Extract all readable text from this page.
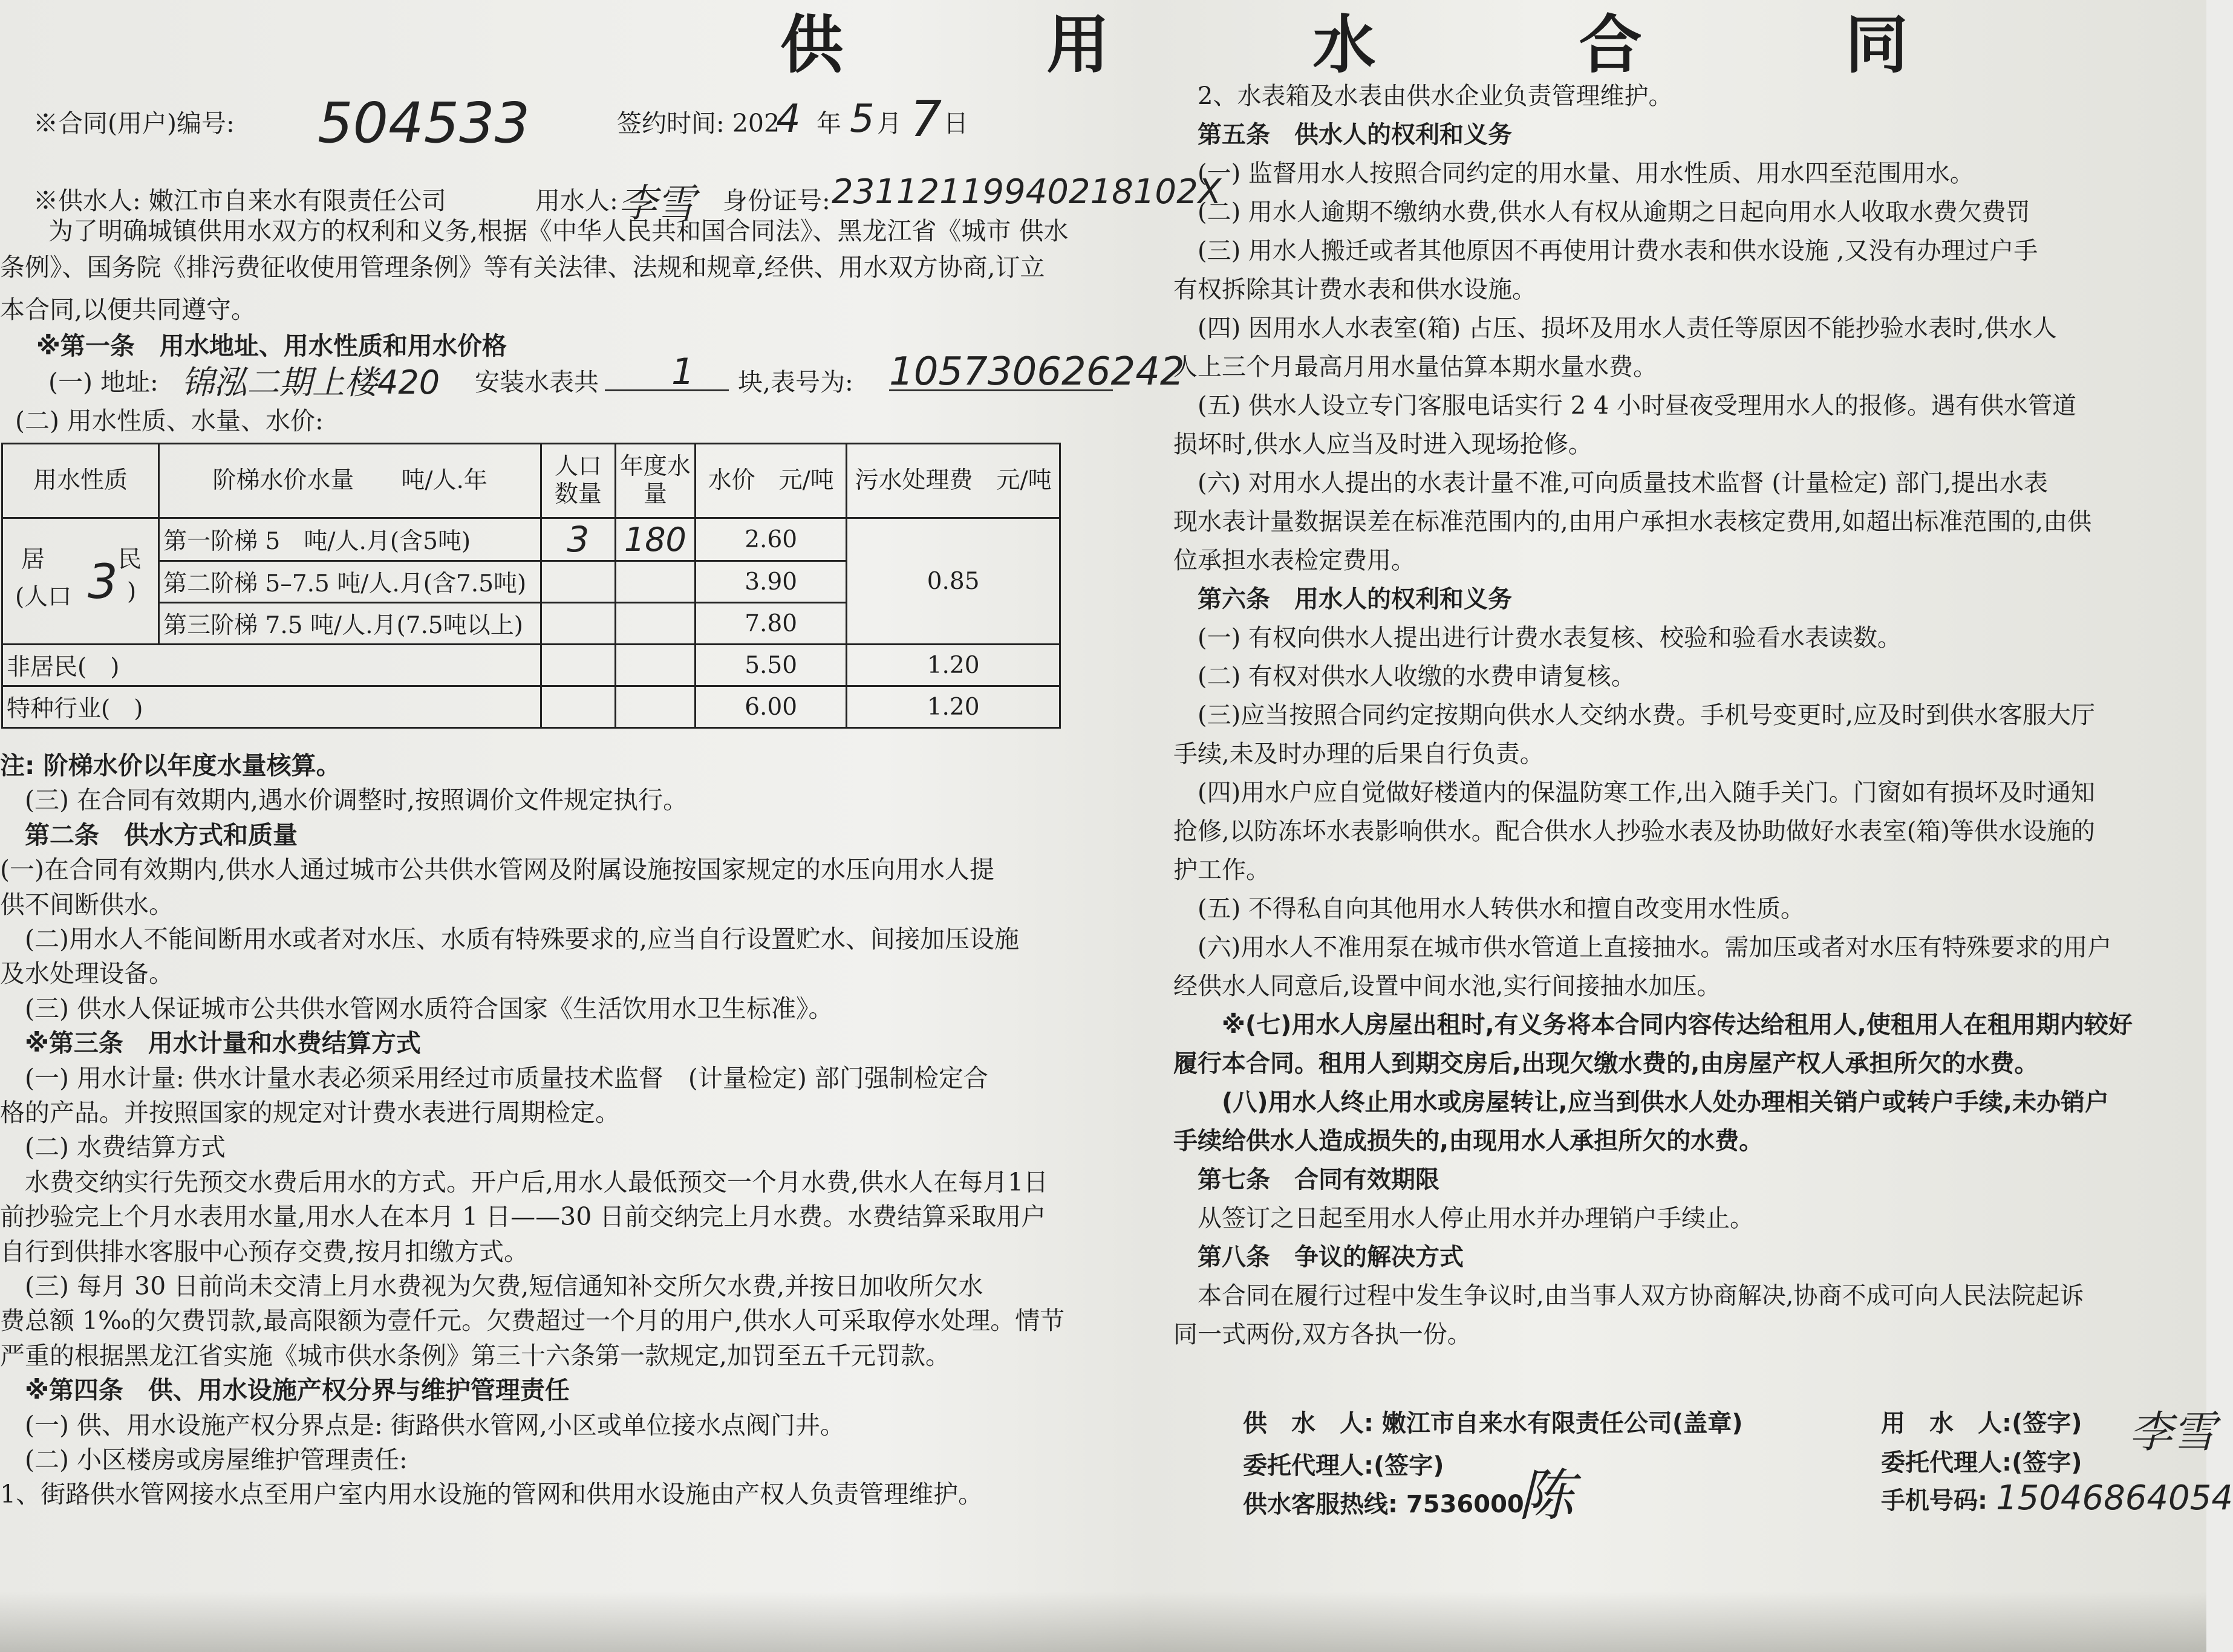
供 用 水 合 同
※合同(用户)编号: 504533	签约时间: 202
4 年 5 月 7 日
※供水人: 嫩江市自来水有限责任公司	用水人: 李雪 身份证号: 23112119940218102X
为了明确城镇供用水双方的权利和义务,根据《中华人民共和国合同法》、黑龙江省《城市 供水
条例》、国务院《排污费征收使用管理条例》等有关法律、法规和规章,经供、用水双方协商,订立
本合同,以便共同遵守。
※第一条　用水地址、用水性质和用水价格
(一) 地址: 锦泓二期上楼420 安装水表共 1 块,表号为: 105730626242
(二) 用水性质、水量、水价:
用水性质	阶梯水价水量　　吨/人.年	人口数量	年度水量	水价　元/吨	污水处理费　元/吨

居 民
(人口 3 )	第一阶梯 5　吨/人.月(含5吨)	3	180	2.60	0.85
	第二阶梯 5–7.5 吨/人.月(含7.5吨)			3.90	
	第三阶梯 7.5 吨/人.月(7.5吨以上)			7.80	
非居民(　)				5.50	1.20
特种行业(　)				6.00	1.20
注: 阶梯水价以年度水量核算。
　(三) 在合同有效期内,遇水价调整时,按照调价文件规定执行。
　第二条　供水方式和质量
(一)在合同有效期内,供水人通过城市公共供水管网及附属设施按国家规定的水压向用水人提
供不间断供水。
　(二)用水人不能间断用水或者对水压、水质有特殊要求的,应当自行设置贮水、间接加压设施
及水处理设备。
　(三) 供水人保证城市公共供水管网水质符合国家《生活饮用水卫生标准》。
　※第三条　用水计量和水费结算方式
　(一) 用水计量: 供水计量水表必须采用经过市质量技术监督　(计量检定) 部门强制检定合
格的产品。并按照国家的规定对计费水表进行周期检定。
　(二) 水费结算方式
　水费交纳实行先预交水费后用水的方式。开户后,用水人最低预交一个月水费,供水人在每月1日
前抄验完上个月水表用水量,用水人在本月 1 日——30 日前交纳完上月水费。水费结算采取用户
自行到供排水客服中心预存交费,按月扣缴方式。
　(三) 每月 30 日前尚未交清上月水费视为欠费,短信通知补交所欠水费,并按日加收所欠水
费总额 1‰的欠费罚款,最高限额为壹仟元。欠费超过一个月的用户,供水人可采取停水处理。情节
严重的根据黑龙江省实施《城市供水条例》第三十六条第一款规定,加罚至五千元罚款。
　※第四条　供、用水设施产权分界与维护管理责任
　(一) 供、用水设施产权分界点是: 街路供水管网,小区或单位接水点阀门井。
　(二) 小区楼房或房屋维护管理责任:
1、街路供水管网接水点至用户室内用水设施的管网和供用水设施由产权人负责管理维护。
　2、水表箱及水表由供水企业负责管理维护。
　第五条　供水人的权利和义务
　(一) 监督用水人按照合同约定的用水量、用水性质、用水四至范围用水。
　(二) 用水人逾期不缴纳水费,供水人有权从逾期之日起向用水人收取水费欠费罚
　(三) 用水人搬迁或者其他原因不再使用计费水表和供水设施 ,又没有办理过户手
有权拆除其计费水表和供水设施。
　(四) 因用水人水表室(箱) 占压、损坏及用水人责任等原因不能抄验水表时,供水人
人上三个月最高月用水量估算本期水量水费。
　(五) 供水人设立专门客服电话实行 2 4 小时昼夜受理用水人的报修。遇有供水管道
损坏时,供水人应当及时进入现场抢修。
　(六) 对用水人提出的水表计量不准,可向质量技术监督 (计量检定) 部门,提出水表
现水表计量数据误差在标准范围内的,由用户承担水表核定费用,如超出标准范围的,由供
位承担水表检定费用。
　第六条　用水人的权利和义务
　(一) 有权向供水人提出进行计费水表复核、校验和验看水表读数。
　(二) 有权对供水人收缴的水费申请复核。
　(三)应当按照合同约定按期向供水人交纳水费。手机号变更时,应及时到供水客服大厅
手续,未及时办理的后果自行负责。
　(四)用水户应自觉做好楼道内的保温防寒工作,出入随手关门。门窗如有损坏及时通知
抢修,以防冻坏水表影响供水。配合供水人抄验水表及协助做好水表室(箱)等供水设施的
护工作。
　(五) 不得私自向其他用水人转供水和擅自改变用水性质。
　(六)用水人不准用泵在城市供水管道上直接抽水。需加压或者对水压有特殊要求的用户
经供水人同意后,设置中间水池,实行间接抽水加压。
　　※(七)用水人房屋出租时,有义务将本合同内容传达给租用人,使租用人在租用期内较好
履行本合同。租用人到期交房后,出现欠缴水费的,由房屋产权人承担所欠的水费。
　　(八)用水人终止用水或房屋转让,应当到供水人处办理相关销户或转户手续,未办销户
手续给供水人造成损失的,由现用水人承担所欠的水费。
　第七条　合同有效期限
　从签订之日起至用水人停止用水并办理销户手续止。
　第八条　争议的解决方式
　本合同在履行过程中发生争议时,由当事人双方协商解决,协商不成可向人民法院起诉
同一式两份,双方各执一份。
供　水　人: 嫩江市自来水有限责任公司(盖章)
委托代理人:(签字) 陈
供水客服热线: 7536000
用　水　人:(签字) 李雪
委托代理人:(签字)
手机号码: 15046864054
